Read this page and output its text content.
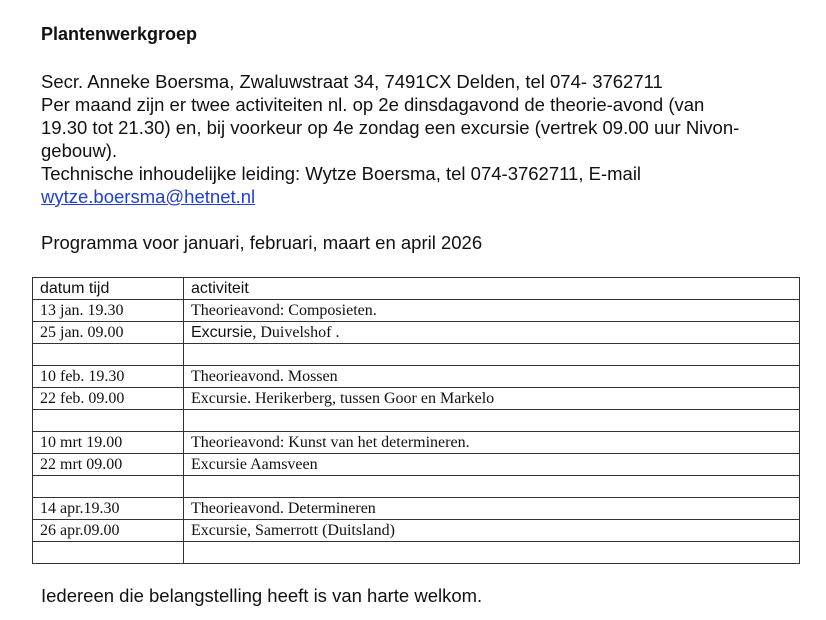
Plantenwerkgroep

Secr. Anneke Boersma, Zwaluwstraat 34, 7491CX Delden, tel 074- 3762711

Per maand zijn er twee activiteiten nl. op 2e dinsdagavond de theorie-avond (van

19.30 tot 21.30) en, bij voorkeur op 4e zondag een excursie (vertrek 09.00 uur Nivon-

gebouw).

Technische inhoudelijke leiding: Wytze Boersma, tel 074-3762711, E-mail

wytze.boersma@hetnet.nl

Programma voor januari, februari, maart en april 2026

datum tijd	activiteit
13 jan. 19.30	Theorieavond: Composieten.
25 jan. 09.00	Excursie, Duivelshof .

10 feb. 19.30	Theorieavond. Mossen
22 feb. 09.00	Excursie. Herikerberg, tussen Goor en Markelo

10 mrt 19.00	Theorieavond: Kunst van het determineren.
22 mrt 09.00	Excursie Aamsveen

14 apr.19.30	Theorieavond. Determineren
26 apr.09.00	Excursie, Samerrott (Duitsland)

Iedereen die belangstelling heeft is van harte welkom.
